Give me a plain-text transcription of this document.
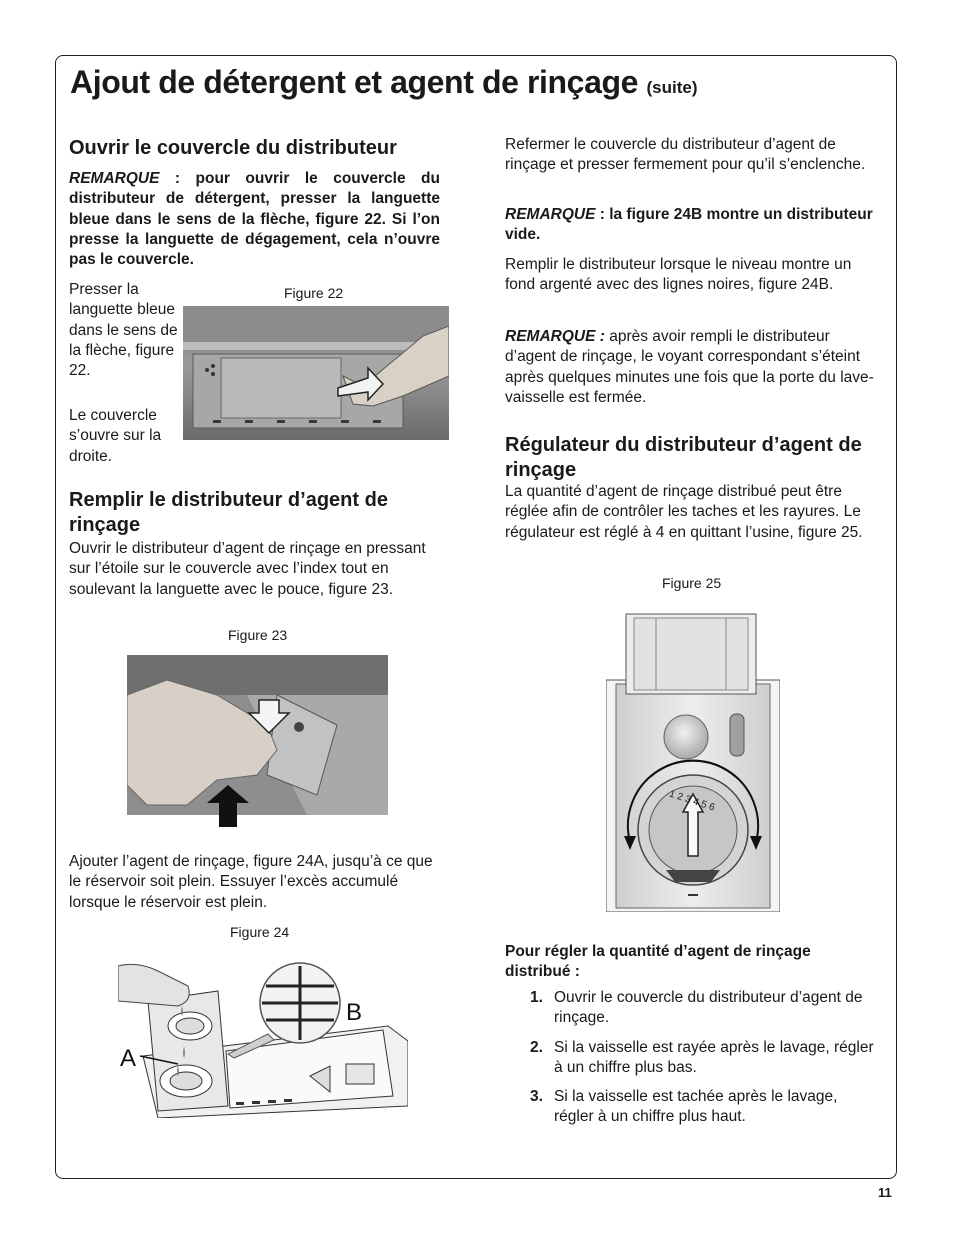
Ajout de détergent et agent de rinçage (suite)
Ouvrir le couvercle du distributeur

REMARQUE : pour ouvrir le couvercle du distributeur de détergent, presser la languette bleue dans le sens de la flèche, figure 22. Si l’on presse la languette de dégagement, cela n’ouvre pas le couvercle.

Presser la languette bleue dans le sens de la flèche, figure 22.

Le couvercle s’ouvre sur la droite.

Figure 22
Remplir le distributeur d’agent de rinçage

Ouvrir le distributeur d’agent de rinçage en pressant sur l’étoile sur le couvercle avec l’index tout en soulevant la languette avec le pouce, figure 23.

Figure 23

Ajouter l’agent de rinçage, figure 24A, jusqu’à ce que le réservoir soit plein. Essuyer l’excès accumulé lorsque le réservoir est plein.

Figure 24
A
B

Refermer le couvercle du distributeur d’agent de rinçage et presser fermement pour qu’il s’enclenche.

REMARQUE : la figure 24B montre un distributeur vide.

Remplir le distributeur lorsque le niveau montre un fond argenté avec des lignes noires, figure 24B.

REMARQUE : après avoir rempli le distributeur d’agent de rinçage, le voyant correspondant s’éteint après quelques minutes une fois que la porte du lave-vaisselle est fermée.

Régulateur du distributeur d’agent de rinçage

La quantité d’agent de rinçage distribué peut être réglée afin de contrôler les taches et les rayures. Le régulateur est réglé à 4 en quittant l’usine, figure 25.

Figure 25
1 2 3 4 5 6

Pour régler la quantité d’agent de rinçage distribué :

1. Ouvrir le couvercle du distributeur d’agent de rinçage.
2. Si la vaisselle est rayée après le lavage, régler à un chiffre plus bas.
3. Si la vaisselle est tachée après le lavage, régler à un chiffre plus haut.
11
